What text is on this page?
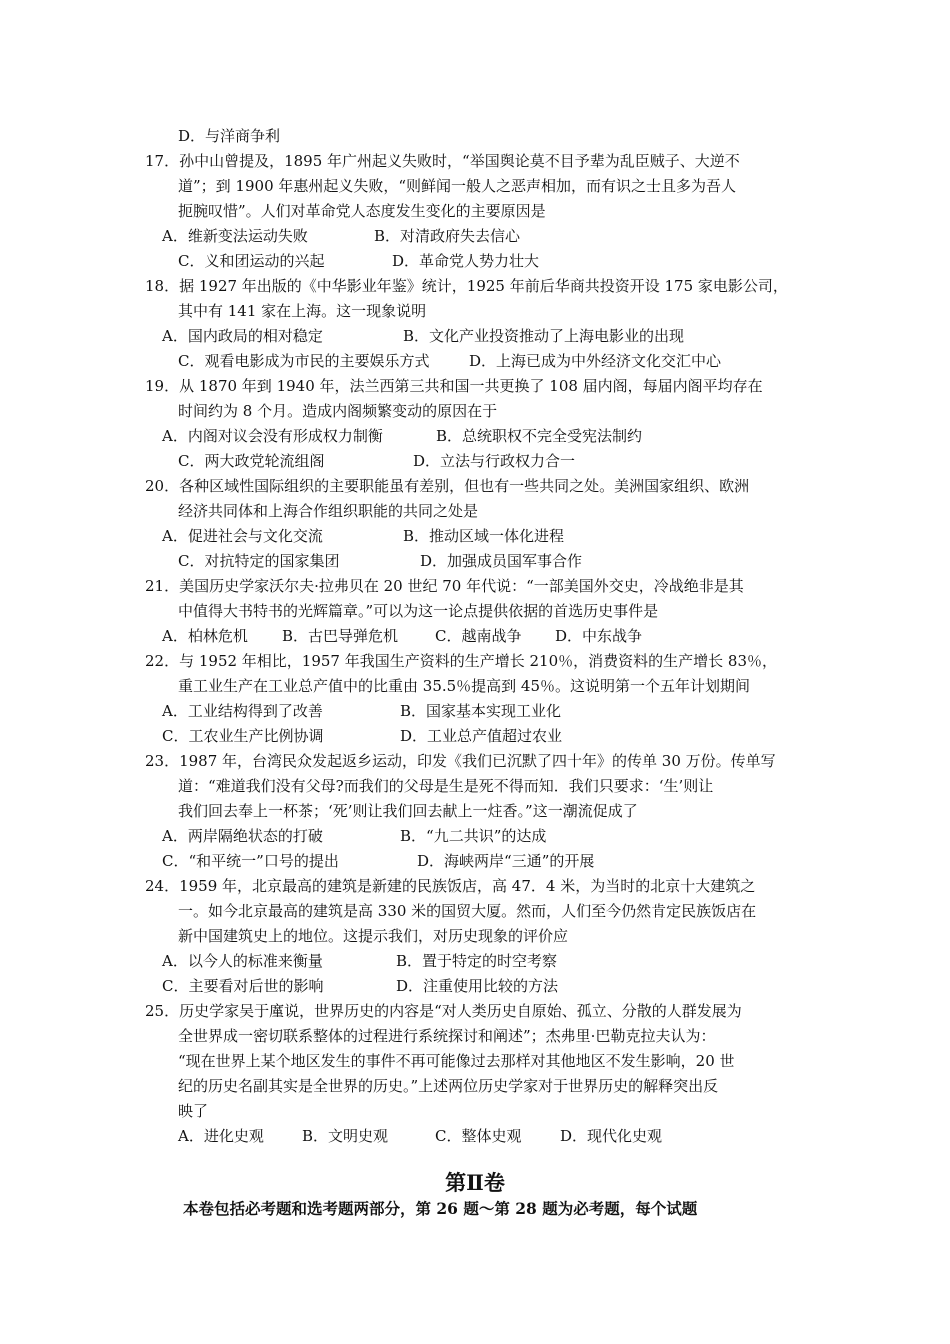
D．与洋商争利
17．孙中山曾提及，1895 年广州起义失败时，“举国舆论莫不目予辈为乱臣贼子、大逆不
道”；到 1900 年惠州起义失败，“则鲜闻一般人之恶声相加，而有识之士且多为吾人
扼腕叹惜”。人们对革命党人态度发生变化的主要原因是
A．维新变法运动失败	B．对清政府失去信心
C．义和团运动的兴起	D．革命党人势力壮大
18．据 1927 年出版的《中华影业年鉴》统计，1925 年前后华商共投资开设 175 家电影公司，
其中有 141 家在上海。这一现象说明
A．国内政局的相对稳定	B．文化产业投资推动了上海电影业的出现
C．观看电影成为市民的主要娱乐方式	D．上海已成为中外经济文化交汇中心
19．从 1870 年到 1940 年，法兰西第三共和国一共更换了 108 届内阁，每届内阁平均存在
时间约为 8 个月。造成内阁频繁变动的原因在于
A．内阁对议会没有形成权力制衡	B．总统职权不完全受宪法制约
C．两大政党轮流组阁	D．立法与行政权力合一
20．各种区域性国际组织的主要职能虽有差别，但也有一些共同之处。美洲国家组织、欧洲
经济共同体和上海合作组织职能的共同之处是
A．促进社会与文化交流	B．推动区域一体化进程
C．对抗特定的国家集团	D．加强成员国军事合作
21．美国历史学家沃尔夫·拉弗贝在 20 世纪 70 年代说：“一部美国外交史，冷战绝非是其
中值得大书特书的光辉篇章。”可以为这一论点提供依据的首选历史事件是
A．柏林危机 B．古巴导弹危机 C．越南战争 D．中东战争
22．与 1952 年相比，1957 年我国生产资料的生产增长 210％，消费资料的生产增长 83％，
重工业生产在工业总产值中的比重由 35.5％提高到 45％。这说明第一个五年计划期间
A．工业结构得到了改善	B．国家基本实现工业化
C．工农业生产比例协调	D．工业总产值超过农业
23．1987 年，台湾民众发起返乡运动，印发《我们已沉默了四十年》的传单 30 万份。传单写
道：“难道我们没有父母?而我们的父母是生是死不得而知．我们只要求：‘生’则让
我们回去奉上一杯茶；‘死’则让我们回去献上一炷香。”这一潮流促成了
A．两岸隔绝状态的打破	B．“九二共识”的达成
C．“和平统一”口号的提出	D．海峡两岸“三通”的开展
24．1959 年，北京最高的建筑是新建的民族饭店，高 47．4 米，为当时的北京十大建筑之
一。如今北京最高的建筑是高 330 米的国贸大厦。然而，人们至今仍然肯定民族饭店在
新中国建筑史上的地位。这提示我们，对历史现象的评价应
A．以今人的标准来衡量	B．置于特定的时空考察
C．主要看对后世的影响	D．注重使用比较的方法
25．历史学家吴于廑说，世界历史的内容是“对人类历史自原始、孤立、分散的人群发展为
全世界成一密切联系整体的过程进行系统探讨和阐述”；杰弗里·巴勒克拉夫认为：
“现在世界上某个地区发生的事件不再可能像过去那样对其他地区不发生影响，20 世
纪的历史名副其实是全世界的历史。”上述两位历史学家对于世界历史的解释突出反
映了
A．进化史观	B．文明史观	C．整体史观	D．现代化史观
第Ⅱ卷
本卷包括必考题和选考题两部分，第 26 题～第 28 题为必考题，每个试题
